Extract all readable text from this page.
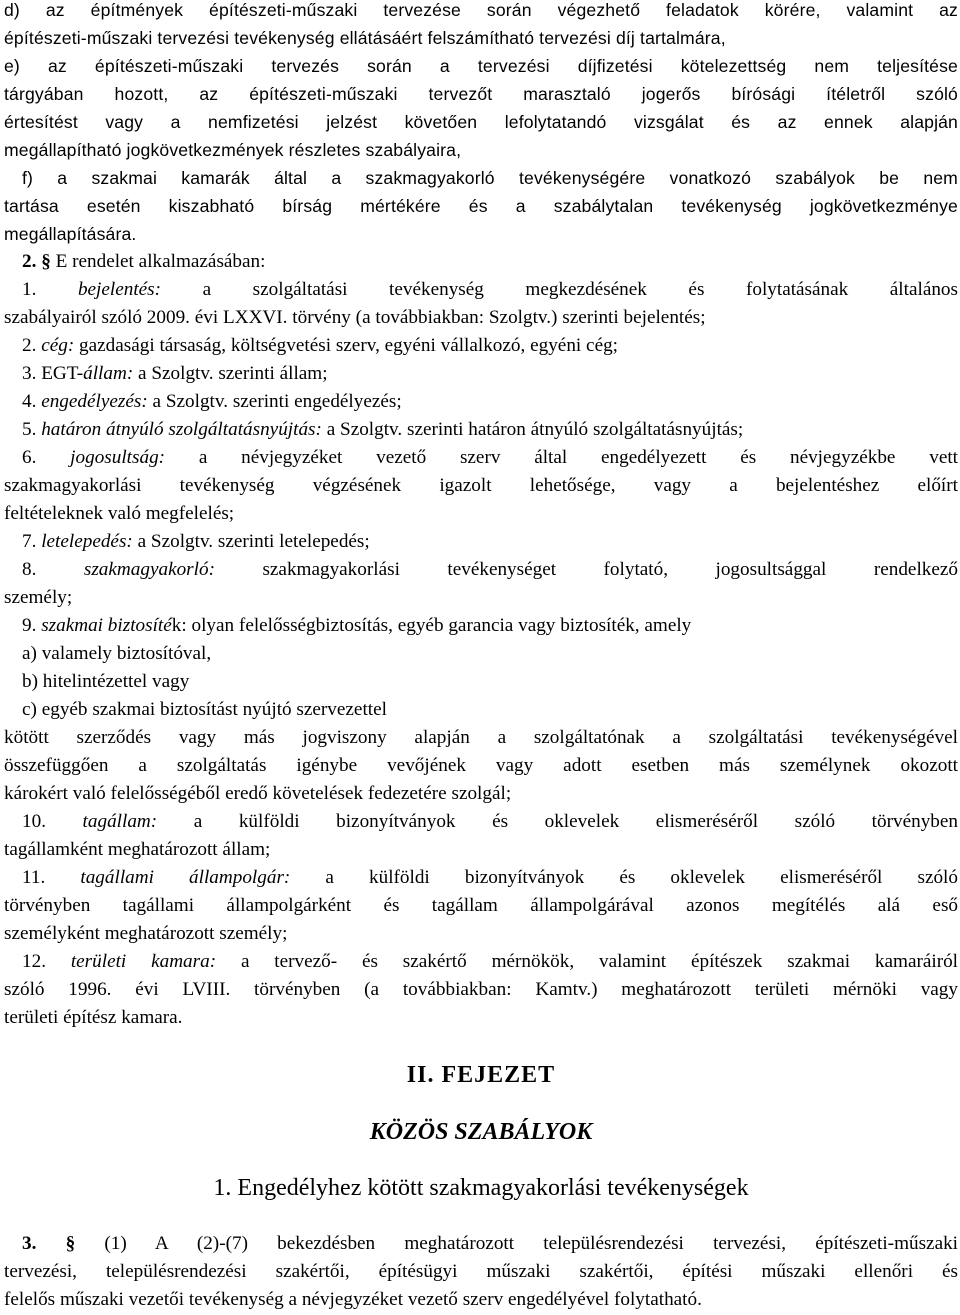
d) az építmények építészeti-műszaki tervezése során végezhető feladatok körére, valamint az
építészeti-műszaki tervezési tevékenység ellátásáért felszámítható tervezési díj tartalmára,

e) az építészeti-műszaki tervezés során a tervezési díjfizetési kötelezettség nem teljesítése
tárgyában hozott, az építészeti-műszaki tervezőt marasztaló jogerős bírósági ítéletről szóló
értesítést vagy a nemfizetési jelzést követően lefolytatandó vizsgálat és az ennek alapján
megállapítható jogkövetkezmények részletes szabályaira,

f) a szakmai kamarák által a szakmagyakorló tevékenységére vonatkozó szabályok be nem
tartása esetén kiszabható bírság mértékére és a szabálytalan tevékenység jogkövetkezménye
megállapítására.

2. § E rendelet alkalmazásában:

1. bejelentés: a szolgáltatási tevékenység megkezdésének és folytatásának általános
szabályairól szóló 2009. évi LXXVI. törvény (a továbbiakban: Szolgtv.) szerinti bejelentés;

2. cég: gazdasági társaság, költségvetési szerv, egyéni vállalkozó, egyéni cég;

3. EGT-állam: a Szolgtv. szerinti állam;

4. engedélyezés: a Szolgtv. szerinti engedélyezés;

5. határon átnyúló szolgáltatásnyújtás: a Szolgtv. szerinti határon átnyúló szolgáltatásnyújtás;

6. jogosultság: a névjegyzéket vezető szerv által engedélyezett és névjegyzékbe vett
szakmagyakorlási tevékenység végzésének igazolt lehetősége, vagy a bejelentéshez előírt
feltételeknek való megfelelés;

7. letelepedés: a Szolgtv. szerinti letelepedés;

8. szakmagyakorló: szakmagyakorlási tevékenységet folytató, jogosultsággal rendelkező
személy;

9. szakmai biztosíték: olyan felelősségbiztosítás, egyéb garancia vagy biztosíték, amely
a) valamely biztosítóval,
b) hitelintézettel vagy
c) egyéb szakmai biztosítást nyújtó szervezettel
kötött szerződés vagy más jogviszony alapján a szolgáltatónak a szolgáltatási tevékenységével
összefüggően a szolgáltatás igénybe vevőjének vagy adott esetben más személynek okozott
károkért való felelősségéből eredő követelések fedezetére szolgál;

10. tagállam: a külföldi bizonyítványok és oklevelek elismeréséről szóló törvényben
tagállamként meghatározott állam;

11. tagállami állampolgár: a külföldi bizonyítványok és oklevelek elismeréséről szóló
törvényben tagállami állampolgárként és tagállam állampolgárával azonos megítélés alá eső
személyként meghatározott személy;

12. területi kamara: a tervező- és szakértő mérnökök, valamint építészek szakmai kamaráiról
szóló 1996. évi LVIII. törvényben (a továbbiakban: Kamtv.) meghatározott területi mérnöki vagy
területi építész kamara.

II. FEJEZET

KÖZÖS SZABÁLYOK

1. Engedélyhez kötött szakmagyakorlási tevékenységek

3. § (1) A (2)-(7) bekezdésben meghatározott településrendezési tervezési, építészeti-műszaki
tervezési, településrendezési szakértői, építésügyi műszaki szakértői, építési műszaki ellenőri és
felelős műszaki vezetői tevékenység a névjegyzéket vezető szerv engedélyével folytatható.
